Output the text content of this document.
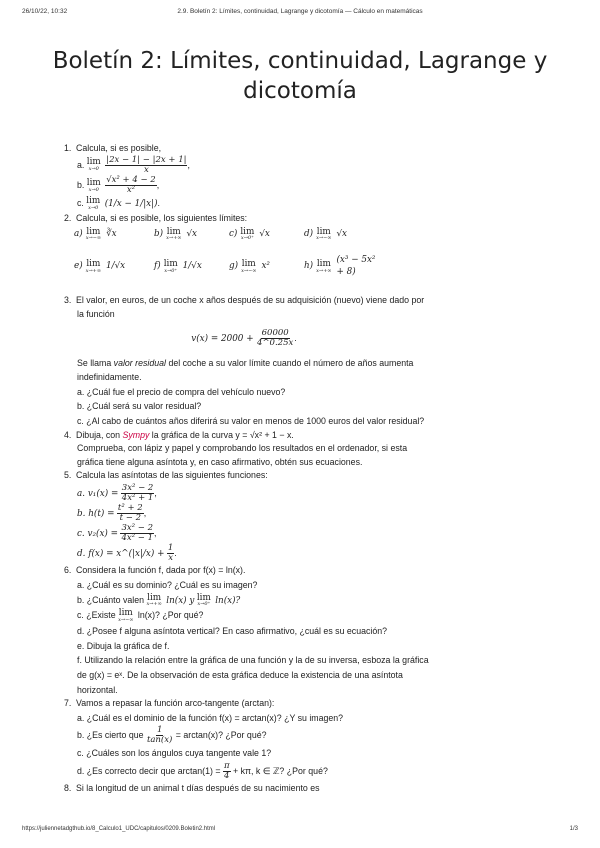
26/10/22, 10:32	2.9. Boletín 2: Límites, continuidad, Lagrange y dicotomía — Cálculo en matemáticas
Boletín 2: Límites, continuidad, Lagrange y dicotomía

1. Calcula, si es posible,

a. lim
x→0
$\frac{|2x - 1| - |2x + 1|}{x}$ ,
b. lim
x→0
$\frac{\text{√x² + 4 − 2}}{\text{x²}}$ ,
c. lim
x→0 (1/x − 1/|x|).

2. Calcula, si es posible, los siguientes límites:

a) lim
x→−∞ ∛x	b) lim
x→+∞ √x	c) lim
x→0⁺ √x	d) lim
x→−∞ √x
e) lim
x→+∞ 1/√x	f) lim
x→0⁺ 1/√x	g) lim
x→−∞ x²	h) lim
x→+∞
(x³ − 5x² + 8)

3. El valor, en euros, de un coche x años después de su adquisición (nuevo) viene dado por

la función

$v(x) = 2000 + \frac{60000}{4\^{}0.25x}$ .

Se llama valor residual del coche a su valor límite cuando el número de años aumenta

indefinidamente.

a. ¿Cuál fue el precio de compra del vehículo nuevo?

b. ¿Cuál será su valor residual?

c. ¿Al cabo de cuántos años diferirá su valor en menos de 1000 euros del valor residual?

4. Dibuja, con Sympy la gráfica de la curva y = √x² + 1 − x.

Comprueba, con lápiz y papel y comprobando los resultados en el ordenador, si esta

gráfica tiene alguna asíntota y, en caso afirmativo, obtén sus ecuaciones.

5. Calcula las asíntotas de las siguientes funciones:

a. $v_1(x) = \frac{\text{3x² − 2}}{\text{4x² + 1}}$ ,
b. $h(t) = \frac{\text{t² + 2}}{t - 2}$ ,
c. $v_2(x) = \frac{\text{3x² − 2}}{\text{4x² − 1}}$ ,
d. f(x) = x^(|x|/x) + $\frac{1}{x}$ .

6. Considera la función f, dada por f(x) = ln(x).

a. ¿Cuál es su dominio? ¿Cuál es su imagen?

b. ¿Cuánto valen lim
x→+∞ ln(x) y lim
x→0⁺ ln(x)?
c. ¿Existe lim
x→−∞ ln(x)? ¿Por qué?

d. ¿Posee f alguna asíntota vertical? En caso afirmativo, ¿cuál es su ecuación?

e. Dibuja la gráfica de f.

f. Utilizando la relación entre la gráfica de una función y la de su inversa, esboza la gráfica

de g(x) = eˣ. De la observación de esta gráfica deduce la existencia de una asíntota

horizontal.

7. Vamos a repasar la función arco-tangente (arctan):

a. ¿Cuál es el dominio de la función f(x) = arctan(x)? ¿Y su imagen?

b. ¿Es cierto que $\frac{1}{\tan(x)} = \arctan(x)$? ¿Por qué?

c. ¿Cuáles son los ángulos cuya tangente vale 1?

d. ¿Es correcto decir que $\arctan(1) = \frac{\pi}{4} + k\pi$, k ∈ ℤ? ¿Por qué?

8. Si la longitud de un animal t días después de su nacimiento es

https://juliennetadgthub.io/8_Calculo1_UDC/capitulos/0209.Boletin2.html	1/3
